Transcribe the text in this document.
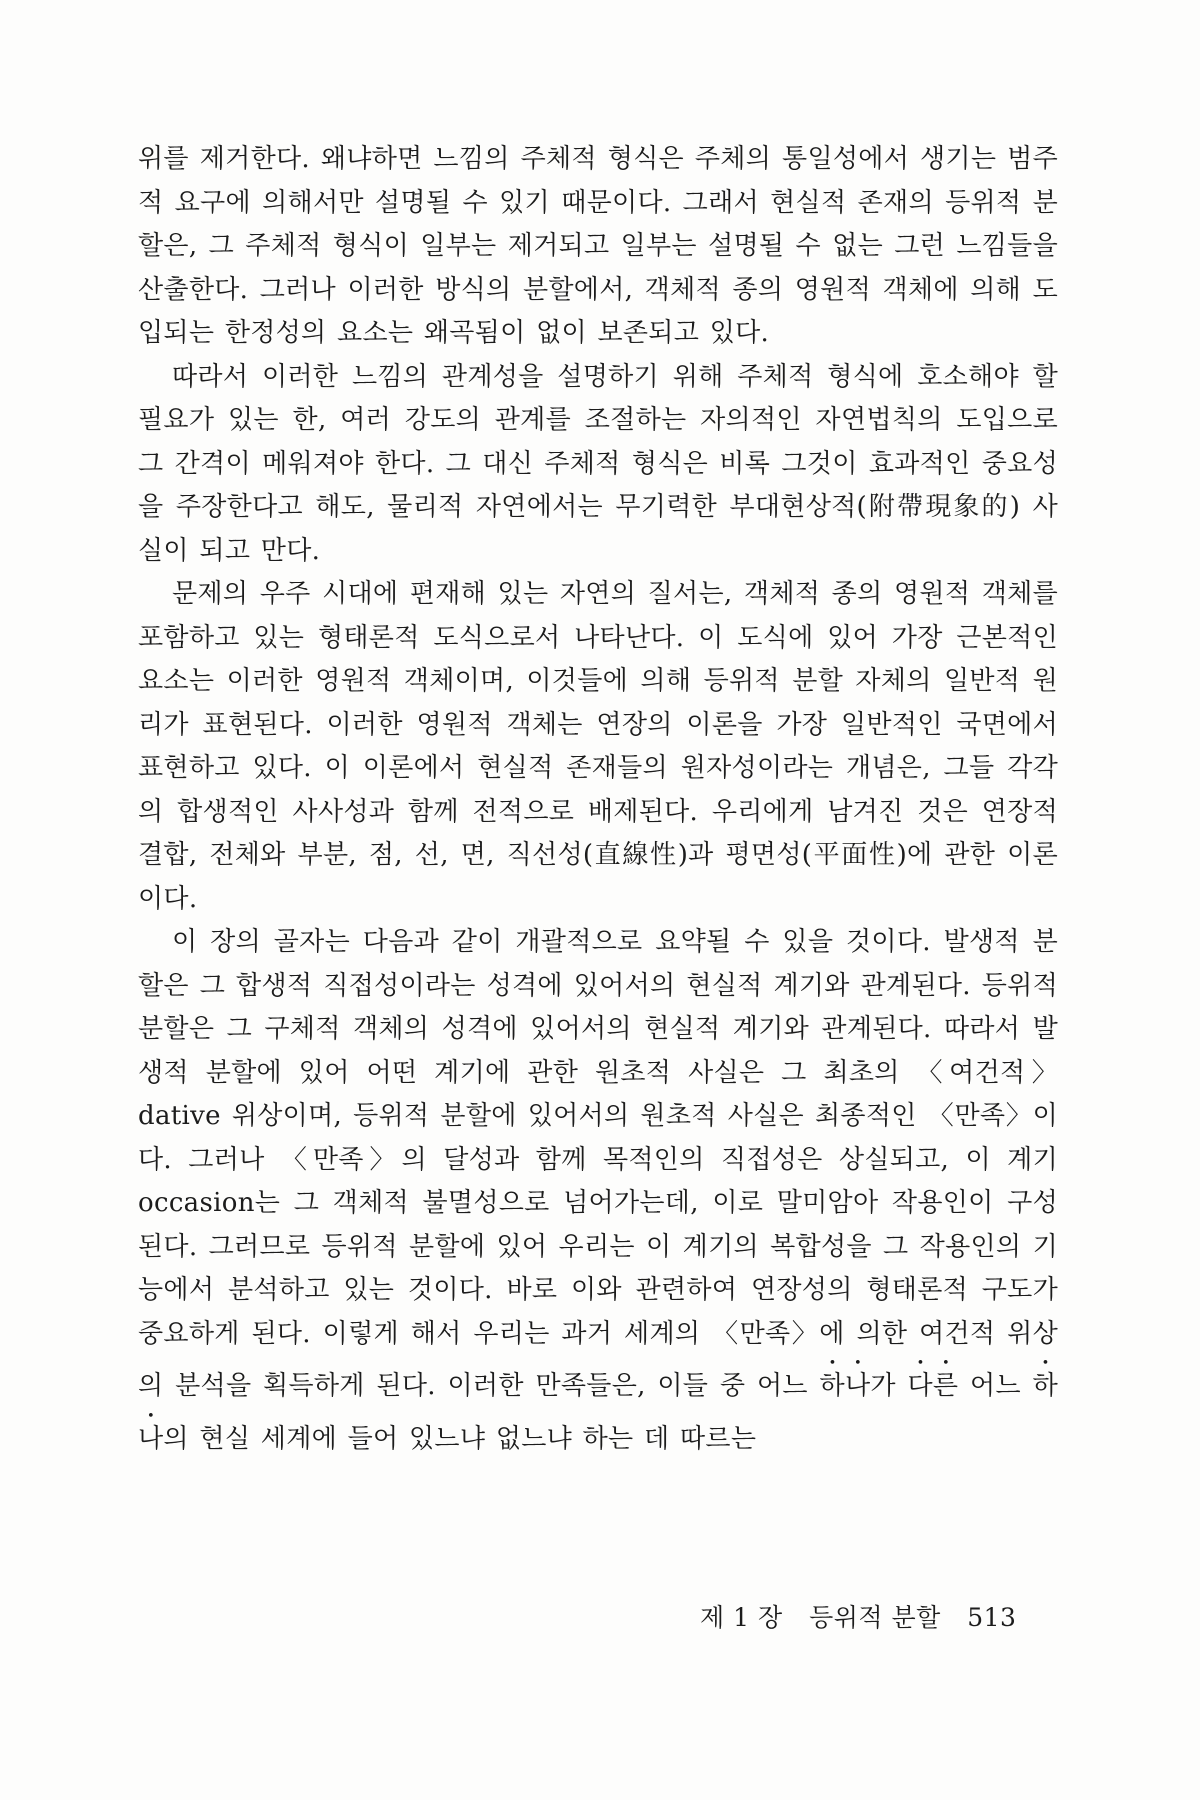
위를 제거한다. 왜냐하면 느낌의 주체적 형식은 주체의 통일성에서 생기는 범주적 요구에 의해서만 설명될 수 있기 때문이다. 그래서 현실적 존재의 등위적 분할은, 그 주체적 형식이 일부는 제거되고 일부는 설명될 수 없는 그런 느낌들을 산출한다. 그러나 이러한 방식의 분할에서, 객체적 종의 영원적 객체에 의해 도입되는 한정성의 요소는 왜곡됨이 없이 보존되고 있다.

따라서 이러한 느낌의 관계성을 설명하기 위해 주체적 형식에 호소해야 할 필요가 있는 한, 여러 강도의 관계를 조절하는 자의적인 자연법칙의 도입으로 그 간격이 메워져야 한다. 그 대신 주체적 형식은 비록 그것이 효과적인 중요성을 주장한다고 해도, 물리적 자연에서는 무기력한 부대현상적(附帶現象的) 사실이 되고 만다.

문제의 우주 시대에 편재해 있는 자연의 질서는, 객체적 종의 영원적 객체를 포함하고 있는 형태론적 도식으로서 나타난다. 이 도식에 있어 가장 근본적인 요소는 이러한 영원적 객체이며, 이것들에 의해 등위적 분할 자체의 일반적 원리가 표현된다. 이러한 영원적 객체는 연장의 이론을 가장 일반적인 국면에서 표현하고 있다. 이 이론에서 현실적 존재들의 원자성이라는 개념은, 그들 각각의 합생적인 사사성과 함께 전적으로 배제된다. 우리에게 남겨진 것은 연장적 결합, 전체와 부분, 점, 선, 면, 직선성(直線性)과 평면성(平面性)에 관한 이론이다.

이 장의 골자는 다음과 같이 개괄적으로 요약될 수 있을 것이다. 발생적 분할은 그 합생적 직접성이라는 성격에 있어서의 현실적 계기와 관계된다. 등위적 분할은 그 구체적 객체의 성격에 있어서의 현실적 계기와 관계된다. 따라서 발생적 분할에 있어 어떤 계기에 관한 원초적 사실은 그 최초의 〈여건적〉dative 위상이며, 등위적 분할에 있어서의 원초적 사실은 최종적인 〈만족〉이다. 그러나 〈만족〉의 달성과 함께 목적인의 직접성은 상실되고, 이 계기 occasion는 그 객체적 불멸성으로 넘어가는데, 이로 말미암아 작용인이 구성된다. 그러므로 등위적 분할에 있어 우리는 이 계기의 복합성을 그 작용인의 기능에서 분석하고 있는 것이다. 바로 이와 관련하여 연장성의 형태론적 구도가 중요하게 된다. 이렇게 해서 우리는 과거 세계의 〈만족〉에 의한 여건적 위상의 분석을 획득하게 된다. 이러한 만족들은, 이들 중 어느 하나가 다른 어느 하나의 현실 세계에 들어 있느냐 없느냐 하는 데 따르는

제 1 장 등위적 분할 513
